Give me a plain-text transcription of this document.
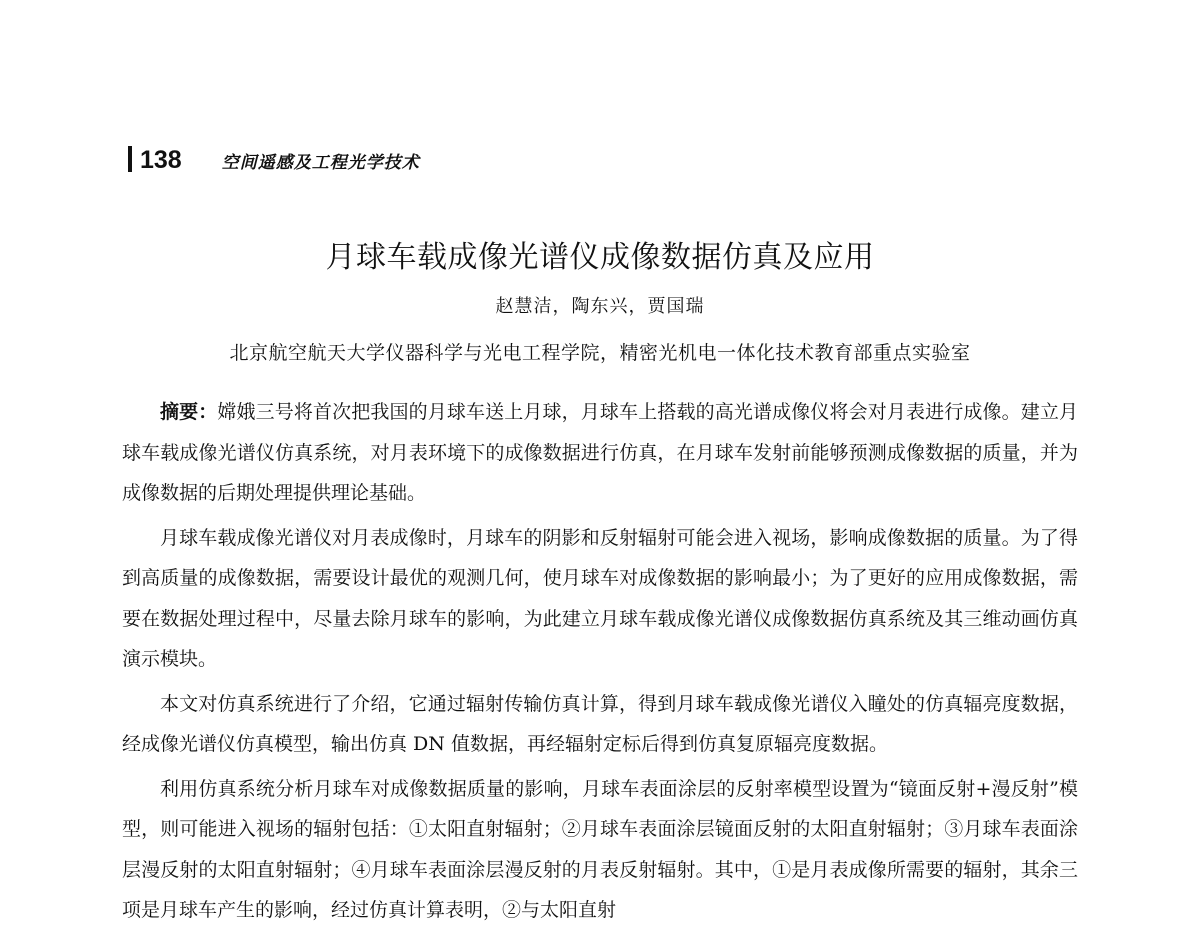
138 空间遥感及工程光学技术
月球车载成像光谱仪成像数据仿真及应用
赵慧洁，陶东兴，贾国瑞
北京航空航天大学仪器科学与光电工程学院，精密光机电一体化技术教育部重点实验室

摘要：嫦娥三号将首次把我国的月球车送上月球，月球车上搭载的高光谱成像仪将会对月表进行成像。建立月球车载成像光谱仪仿真系统，对月表环境下的成像数据进行仿真，在月球车发射前能够预测成像数据的质量，并为成像数据的后期处理提供理论基础。

月球车载成像光谱仪对月表成像时，月球车的阴影和反射辐射可能会进入视场，影响成像数据的质量。为了得到高质量的成像数据，需要设计最优的观测几何，使月球车对成像数据的影响最小；为了更好的应用成像数据，需要在数据处理过程中，尽量去除月球车的影响，为此建立月球车载成像光谱仪成像数据仿真系统及其三维动画仿真演示模块。

本文对仿真系统进行了介绍，它通过辐射传输仿真计算，得到月球车载成像光谱仪入瞳处的仿真辐亮度数据，经成像光谱仪仿真模型，输出仿真 DN 值数据，再经辐射定标后得到仿真复原辐亮度数据。

利用仿真系统分析月球车对成像数据质量的影响，月球车表面涂层的反射率模型设置为“镜面反射+漫反射”模型，则可能进入视场的辐射包括：①太阳直射辐射；②月球车表面涂层镜面反射的太阳直射辐射；③月球车表面涂层漫反射的太阳直射辐射；④月球车表面涂层漫反射的月表反射辐射。其中，①是月表成像所需要的辐射，其余三项是月球车产生的影响，经过仿真计算表明，②与太阳直射
